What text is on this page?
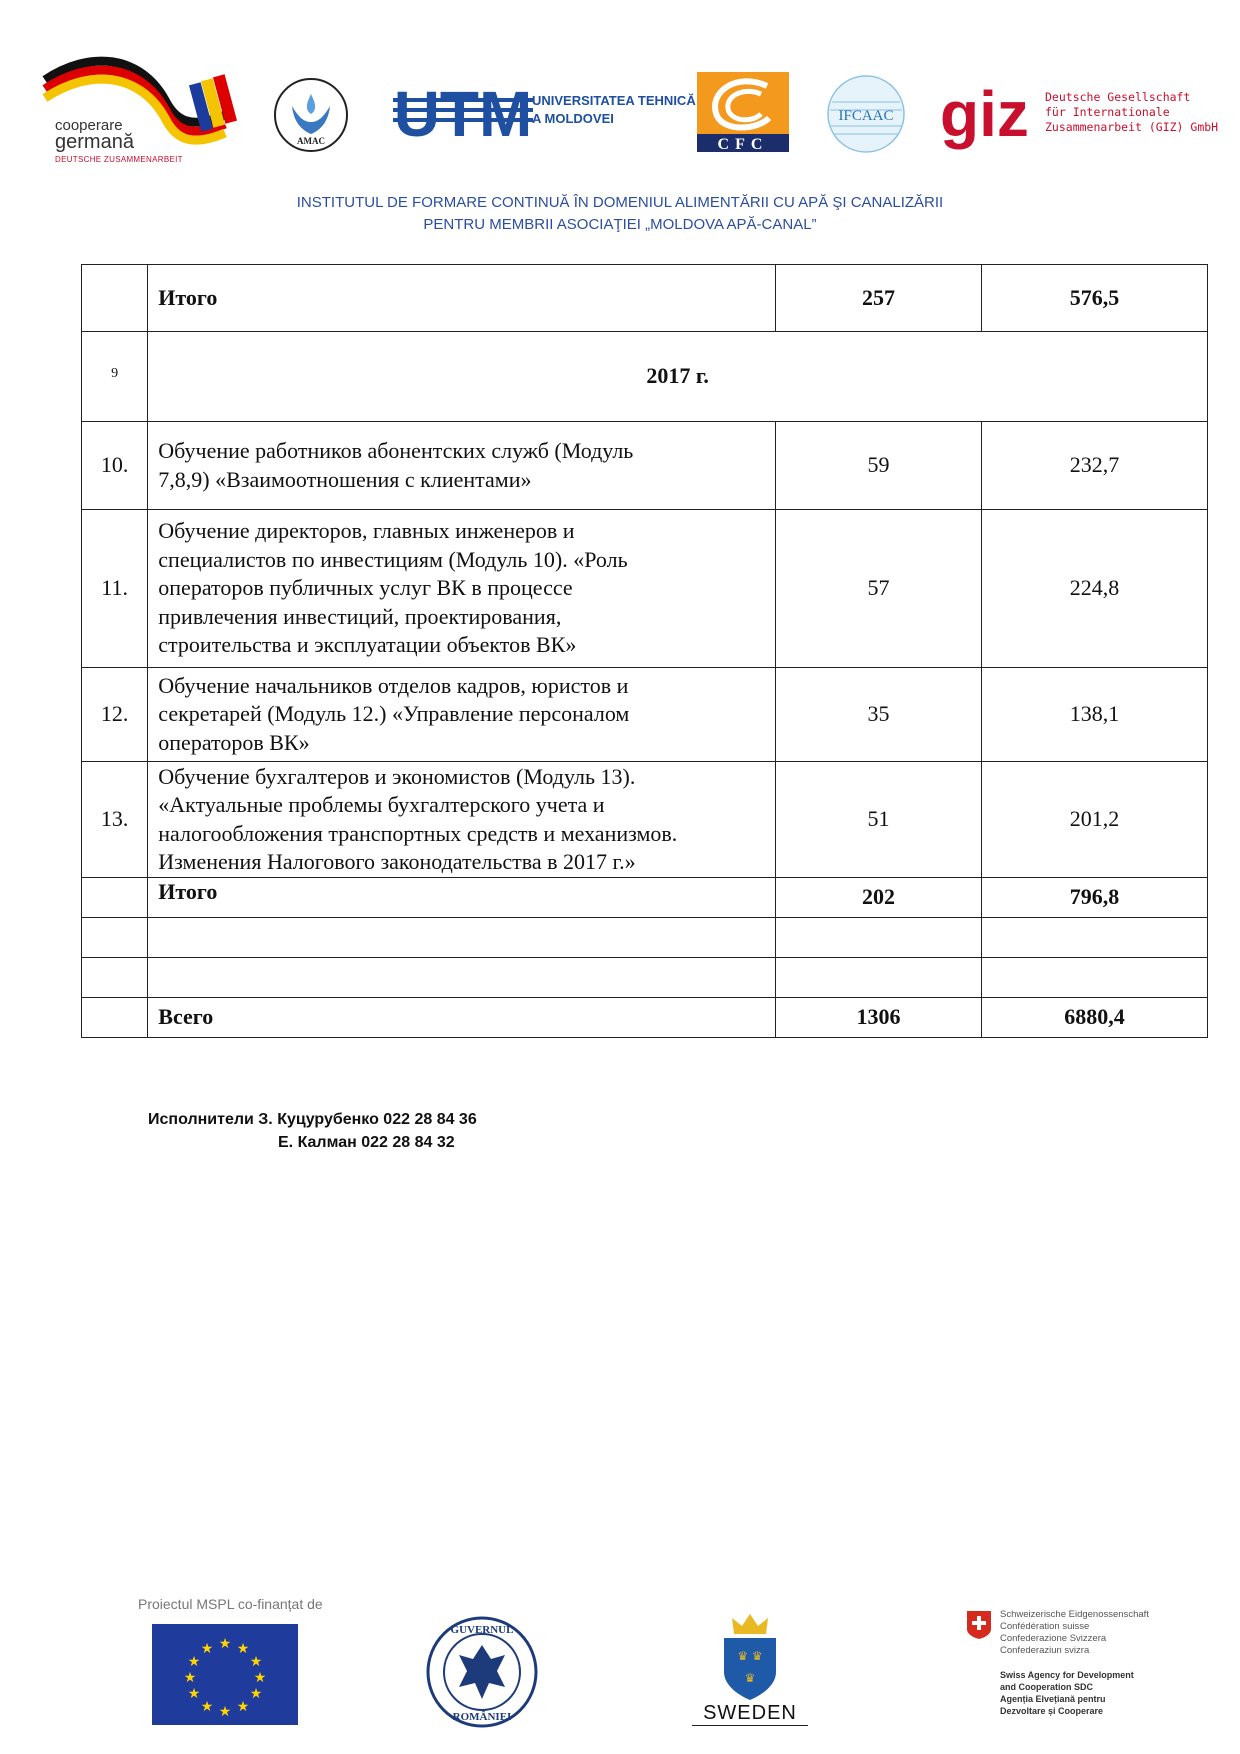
cooperare
germană
DEUTSCHE ZUSAMMENARBEIT
AMAC UTM UNIVERSITATEA TEHNICĂ
A MOLDOVEI
CFC
IFCAAC giz Deutsche Gesellschaft
für Internationale
Zusammenarbeit (GIZ) GmbH
INSTITUTUL DE FORMARE CONTINUĂ ÎN DOMENIUL ALIMENTĂRII CU APĂ ŞI CANALIZĂRII
PENTRU MEMBRII ASOCIAŢIEI „MOLDOVA APĂ-CANAL”
	Итого	257	576,5
9	2017 г.		
10.	Обучение работников абонентских служб (Модуль
7,8,9) «Взаимоотношения с клиентами»	59	232,7
11.	Обучение директоров, главных инженеров и
специалистов по инвестициям (Модуль 10). «Роль
операторов публичных услуг ВК в процессе
привлечения инвестиций, проектирования,
строительства и эксплуатации объектов ВК»	57	224,8
12.	Обучение начальников отделов кадров, юристов и
секретарей (Модуль 12.) «Управление персоналом
операторов ВК»	35	138,1
13.	Обучение бухгалтеров и экономистов (Модуль 13).
«Актуальные проблемы бухгалтерского учета и
налогообложения транспортных средств и механизмов.
Изменения Налогового законодательства в 2017 г.»	51	201,2
	Итого	202	796,8

	Всего	1306	6880,4
Исполнители З. Куцурубенко 022 28 84 36
Е. Калман 022 28 84 32
Proiectul MSPL co-finanțat de
★ ★
★
★
★
★
★
★
★
★
★
★
GUVERNUL
ROMÂNIEI
♛ ♛
♛
SWEDEN
Schweizerische Eidgenossenschaft
Confédération suisse
Confederazione Svizzera
Confederaziun svizra
Swiss Agency for Development
and Cooperation SDC
Agenția Elvețiană pentru
Dezvoltare și Cooperare
